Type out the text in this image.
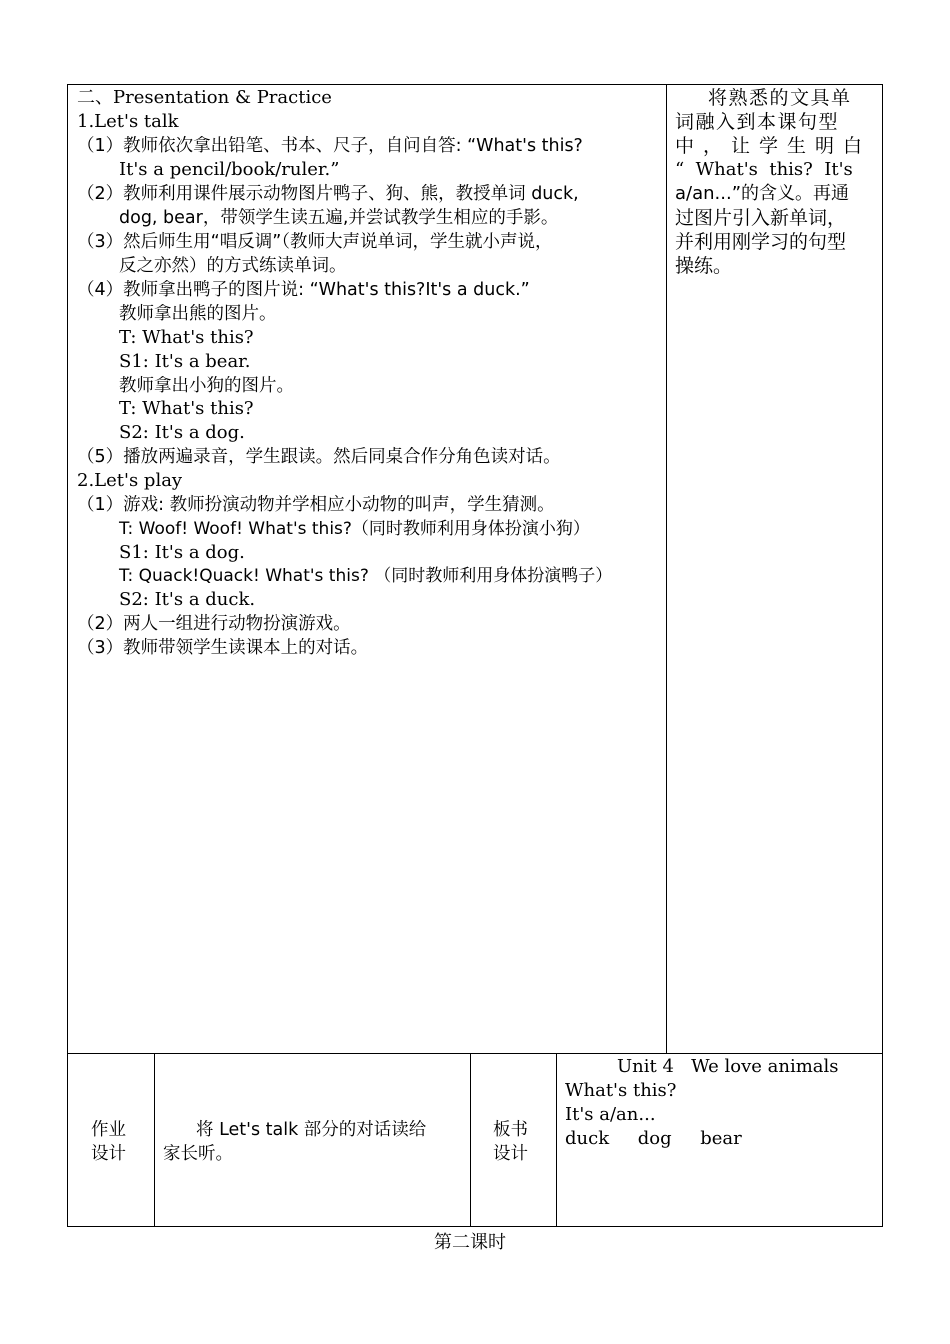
二、Presentation & Practice
1.Let's talk
（1）教师依次拿出铅笔、书本、尺子，自问自答: “What's this?
It's a pencil/book/ruler.”
（2）教师利用课件展示动物图片鸭子、狗、熊，教授单词 duck,
dog, bear，带领学生读五遍,并尝试教学生相应的手影。
（3）然后师生用“唱反调”（教师大声说单词，学生就小声说，
反之亦然）的方式练读单词。
（4）教师拿出鸭子的图片说: “What's this?It's a duck.”
教师拿出熊的图片。
T: What's this?
S1: It's a bear.
教师拿出小狗的图片。
T: What's this?
S2: It's a dog.
（5）播放两遍录音，学生跟读。然后同桌合作分角色读对话。
2.Let's play
（1）游戏: 教师扮演动物并学相应小动物的叫声，学生猜测。
T: Woof! Woof! What's this?（同时教师利用身体扮演小狗）
S1: It's a dog.
T: Quack!Quack! What's this? （同时教师利用身体扮演鸭子）
S2: It's a duck.
（2）两人一组进行动物扮演游戏。
（3）教师带领学生读课本上的对话。
将熟悉的文具单
词融入到本课句型
中，让学生明白
“  What's  this?  It's
a/an...”的含义。再通
过图片引入新单词，
并利用刚学习的句型
操练。
作业
设计
将 Let's talk 部分的对话读给
家长听。
板书
设计
Unit 4   We love animals
What's this?
It's a/an...
duck     dog     bear
第二课时
